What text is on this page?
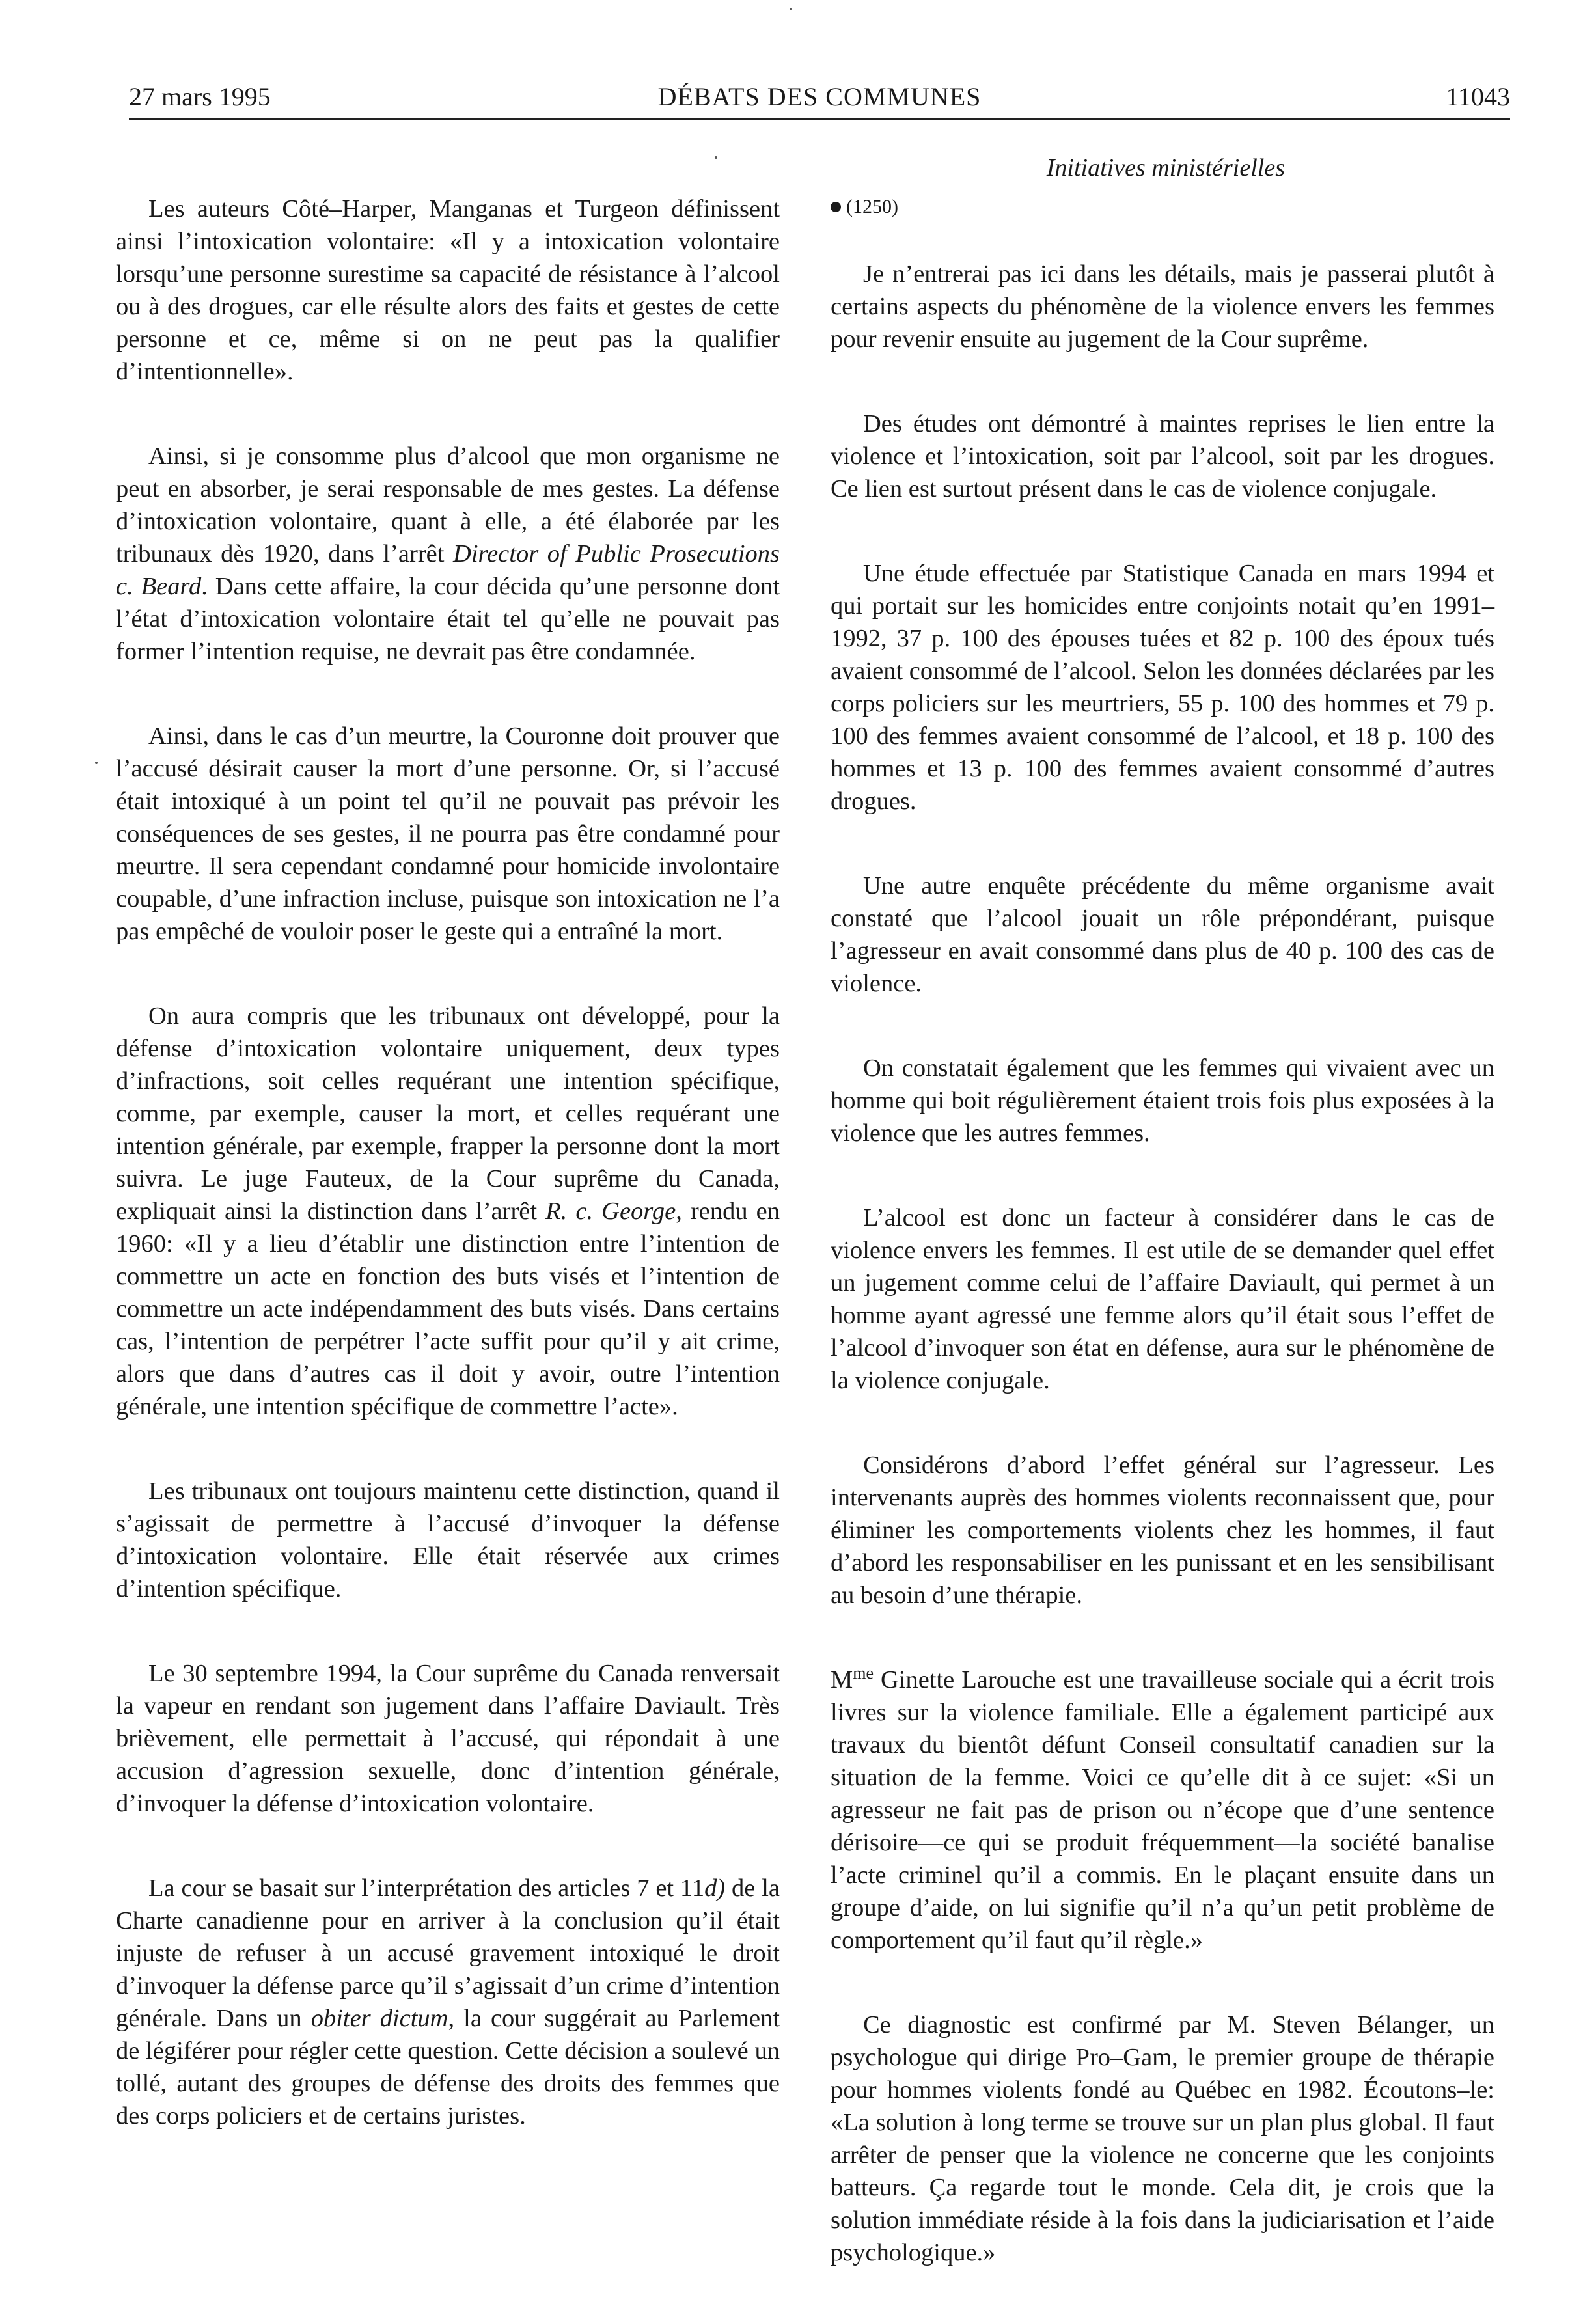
27 mars 1995	DÉBATS DES COMMUNES	11043
Initiatives ministérielles

Les auteurs Côté–Harper, Manganas et Turgeon définissent ainsi l’intoxication volontaire: «Il y a intoxication volontaire lorsqu’une personne surestime sa capacité de résistance à l’alcool ou à des drogues, car elle résulte alors des faits et gestes de cette personne et ce, même si on ne peut pas la qualifier d’intentionnelle».

Ainsi, si je consomme plus d’alcool que mon organisme ne peut en absorber, je serai responsable de mes gestes. La défense d’intoxication volontaire, quant à elle, a été élaborée par les tribunaux dès 1920, dans l’arrêt Director of Public Prosecutions c. Beard. Dans cette affaire, la cour décida qu’une personne dont l’état d’intoxication volontaire était tel qu’elle ne pouvait pas former l’intention requise, ne devrait pas être condamnée.

Ainsi, dans le cas d’un meurtre, la Couronne doit prouver que l’accusé désirait causer la mort d’une personne. Or, si l’accusé était intoxiqué à un point tel qu’il ne pouvait pas prévoir les conséquences de ses gestes, il ne pourra pas être condamné pour meurtre. Il sera cependant condamné pour homicide involontaire coupable, d’une infraction incluse, puisque son intoxication ne l’a pas empêché de vouloir poser le geste qui a entraîné la mort.

On aura compris que les tribunaux ont développé, pour la défense d’intoxication volontaire uniquement, deux types d’infractions, soit celles requérant une intention spécifique, comme, par exemple, causer la mort, et celles requérant une intention générale, par exemple, frapper la personne dont la mort suivra. Le juge Fauteux, de la Cour suprême du Canada, expliquait ainsi la distinction dans l’arrêt R. c. George, rendu en 1960: «Il y a lieu d’établir une distinction entre l’intention de commettre un acte en fonction des buts visés et l’intention de commettre un acte indépendamment des buts visés. Dans certains cas, l’intention de perpétrer l’acte suffit pour qu’il y ait crime, alors que dans d’autres cas il doit y avoir, outre l’intention générale, une intention spécifique de commettre l’acte».

Les tribunaux ont toujours maintenu cette distinction, quand il s’agissait de permettre à l’accusé d’invoquer la défense d’intoxication volontaire. Elle était réservée aux crimes d’intention spécifique.

Le 30 septembre 1994, la Cour suprême du Canada renversait la vapeur en rendant son jugement dans l’affaire Daviault. Très brièvement, elle permettait à l’accusé, qui répondait à une accusion d’agression sexuelle, donc d’intention générale, d’invoquer la défense d’intoxication volontaire.

La cour se basait sur l’interprétation des articles 7 et 11d) de la Charte canadienne pour en arriver à la conclusion qu’il était injuste de refuser à un accusé gravement intoxiqué le droit d’invoquer la défense parce qu’il s’agissait d’un crime d’intention générale. Dans un obiter dictum, la cour suggérait au Parlement de légiférer pour régler cette question. Cette décision a soulevé un tollé, autant des groupes de défense des droits des femmes que des corps policiers et de certains juristes.

(1250)

Je n’entrerai pas ici dans les détails, mais je passerai plutôt à certains aspects du phénomène de la violence envers les femmes pour revenir ensuite au jugement de la Cour suprême.

Des études ont démontré à maintes reprises le lien entre la violence et l’intoxication, soit par l’alcool, soit par les drogues. Ce lien est surtout présent dans le cas de violence conjugale.

Une étude effectuée par Statistique Canada en mars 1994 et qui portait sur les homicides entre conjoints notait qu’en 1991–1992, 37 p. 100 des épouses tuées et 82 p. 100 des époux tués avaient consommé de l’alcool. Selon les données déclarées par les corps policiers sur les meurtriers, 55 p. 100 des hommes et 79 p. 100 des femmes avaient consommé de l’alcool, et 18 p. 100 des hommes et 13 p. 100 des femmes avaient consommé d’autres drogues.

Une autre enquête précédente du même organisme avait constaté que l’alcool jouait un rôle prépondérant, puisque l’agresseur en avait consommé dans plus de 40 p. 100 des cas de violence.

On constatait également que les femmes qui vivaient avec un homme qui boit régulièrement étaient trois fois plus exposées à la violence que les autres femmes.

L’alcool est donc un facteur à considérer dans le cas de violence envers les femmes. Il est utile de se demander quel effet un jugement comme celui de l’affaire Daviault, qui permet à un homme ayant agressé une femme alors qu’il était sous l’effet de l’alcool d’invoquer son état en défense, aura sur le phénomène de la violence conjugale.

Considérons d’abord l’effet général sur l’agresseur. Les intervenants auprès des hommes violents reconnaissent que, pour éliminer les comportements violents chez les hommes, il faut d’abord les responsabiliser en les punissant et en les sensibilisant au besoin d’une thérapie.

$M^{me}$ Ginette Larouche est une travailleuse sociale qui a écrit trois livres sur la violence familiale. Elle a également participé aux travaux du bientôt défunt Conseil consultatif canadien sur la situation de la femme. Voici ce qu’elle dit à ce sujet: «Si un agresseur ne fait pas de prison ou n’écope que d’une sentence dérisoire—ce qui se produit fréquemment—la société banalise l’acte criminel qu’il a commis. En le plaçant ensuite dans un groupe d’aide, on lui signifie qu’il n’a qu’un petit problème de comportement qu’il faut qu’il règle.»

Ce diagnostic est confirmé par M. Steven Bélanger, un psychologue qui dirige Pro–Gam, le premier groupe de thérapie pour hommes violents fondé au Québec en 1982. Écoutons–le: «La solution à long terme se trouve sur un plan plus global. Il faut arrêter de penser que la violence ne concerne que les conjoints batteurs. Ça regarde tout le monde. Cela dit, je crois que la solution immédiate réside à la fois dans la judiciarisation et l’aide psychologique.»
